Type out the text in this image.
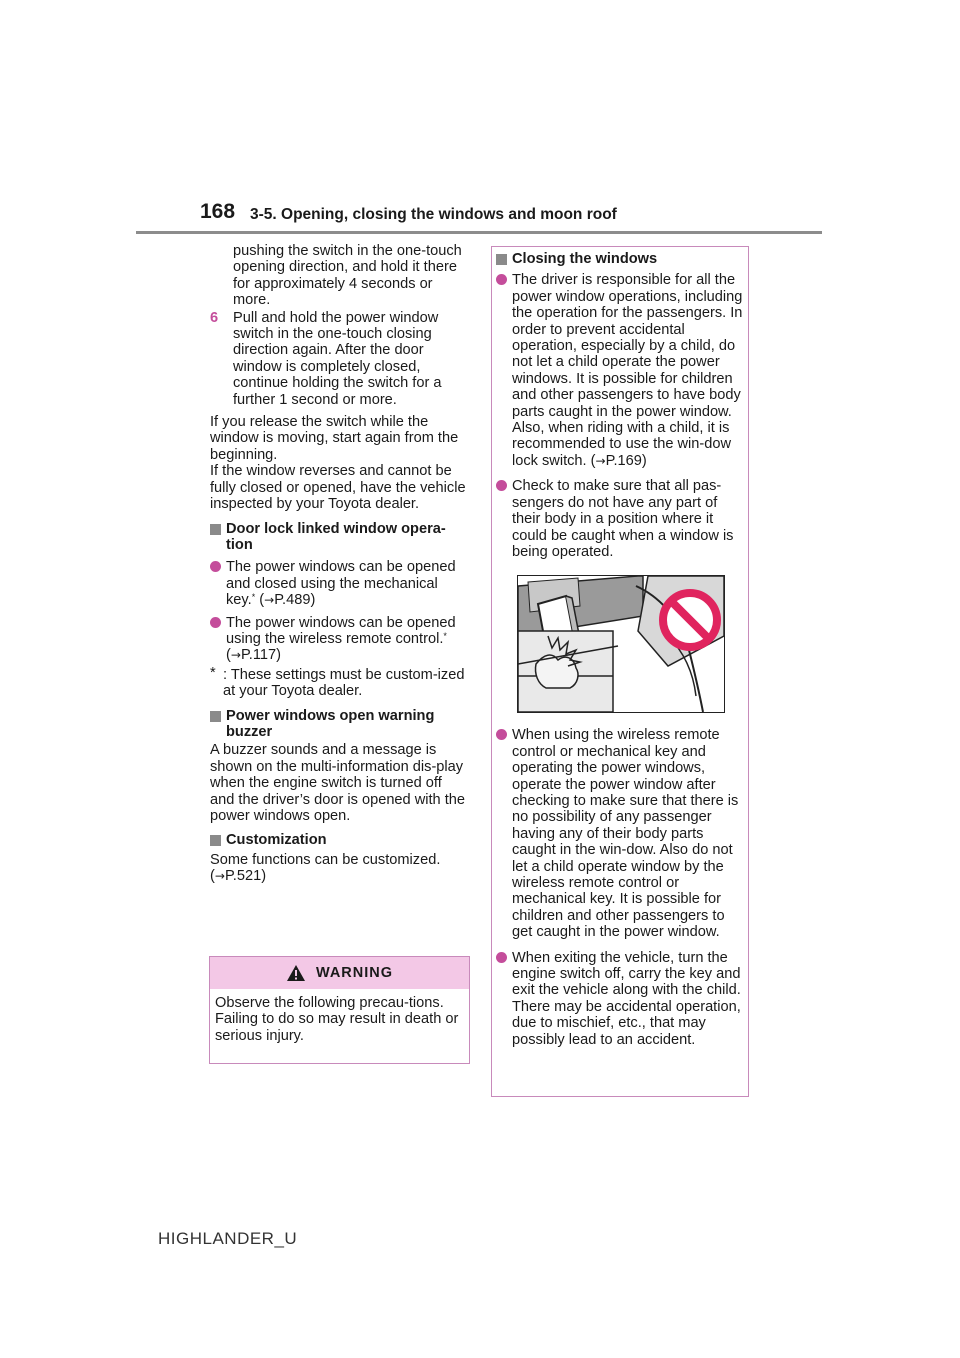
168 3-5. Opening, closing the windows and moon roof

pushing the switch in the one-touch opening direction, and hold it there for approximately 4 seconds or more.

6 Pull and hold the power window switch in the one-touch closing direction again. After the door window is completely closed, continue holding the switch for a further 1 second or more.

If you release the switch while the window is moving, start again from the beginning.

If the window reverses and cannot be fully closed or opened, have the vehicle inspected by your Toyota dealer.

Door lock linked window opera-tion
The power windows can be opened and closed using the mechanical key.* (→P.489)
The power windows can be opened using the wireless remote control.* (→P.117)
* : These settings must be custom-ized at your Toyota dealer.
Power windows open warning buzzer

A buzzer sounds and a message is shown on the multi-information dis-play when the engine switch is turned off and the driver’s door is opened with the power windows open.

Customization

Some functions can be customized. (→P.521)

WARNING

Observe the following precau-tions.

Failing to do so may result in death or serious injury.

Closing the windows
The driver is responsible for all the power window operations, including the operation for the passengers. In order to prevent accidental operation, especially by a child, do not let a child operate the power windows. It is possible for children and other passengers to have body parts caught in the power window. Also, when riding with a child, it is recommended to use the win-dow lock switch. (→P.169)
Check to make sure that all pas-sengers do not have any part of their body in a position where it could be caught when a window is being operated.
When using the wireless remote control or mechanical key and operating the power windows, operate the power window after checking to make sure that there is no possibility of any passenger having any of their body parts caught in the win-dow. Also do not let a child operate window by the wireless remote control or mechanical key. It is possible for children and other passengers to get caught in the power window.
When exiting the vehicle, turn the engine switch off, carry the key and exit the vehicle along with the child. There may be accidental operation, due to mischief, etc., that may possibly lead to an accident.
HIGHLANDER_U
